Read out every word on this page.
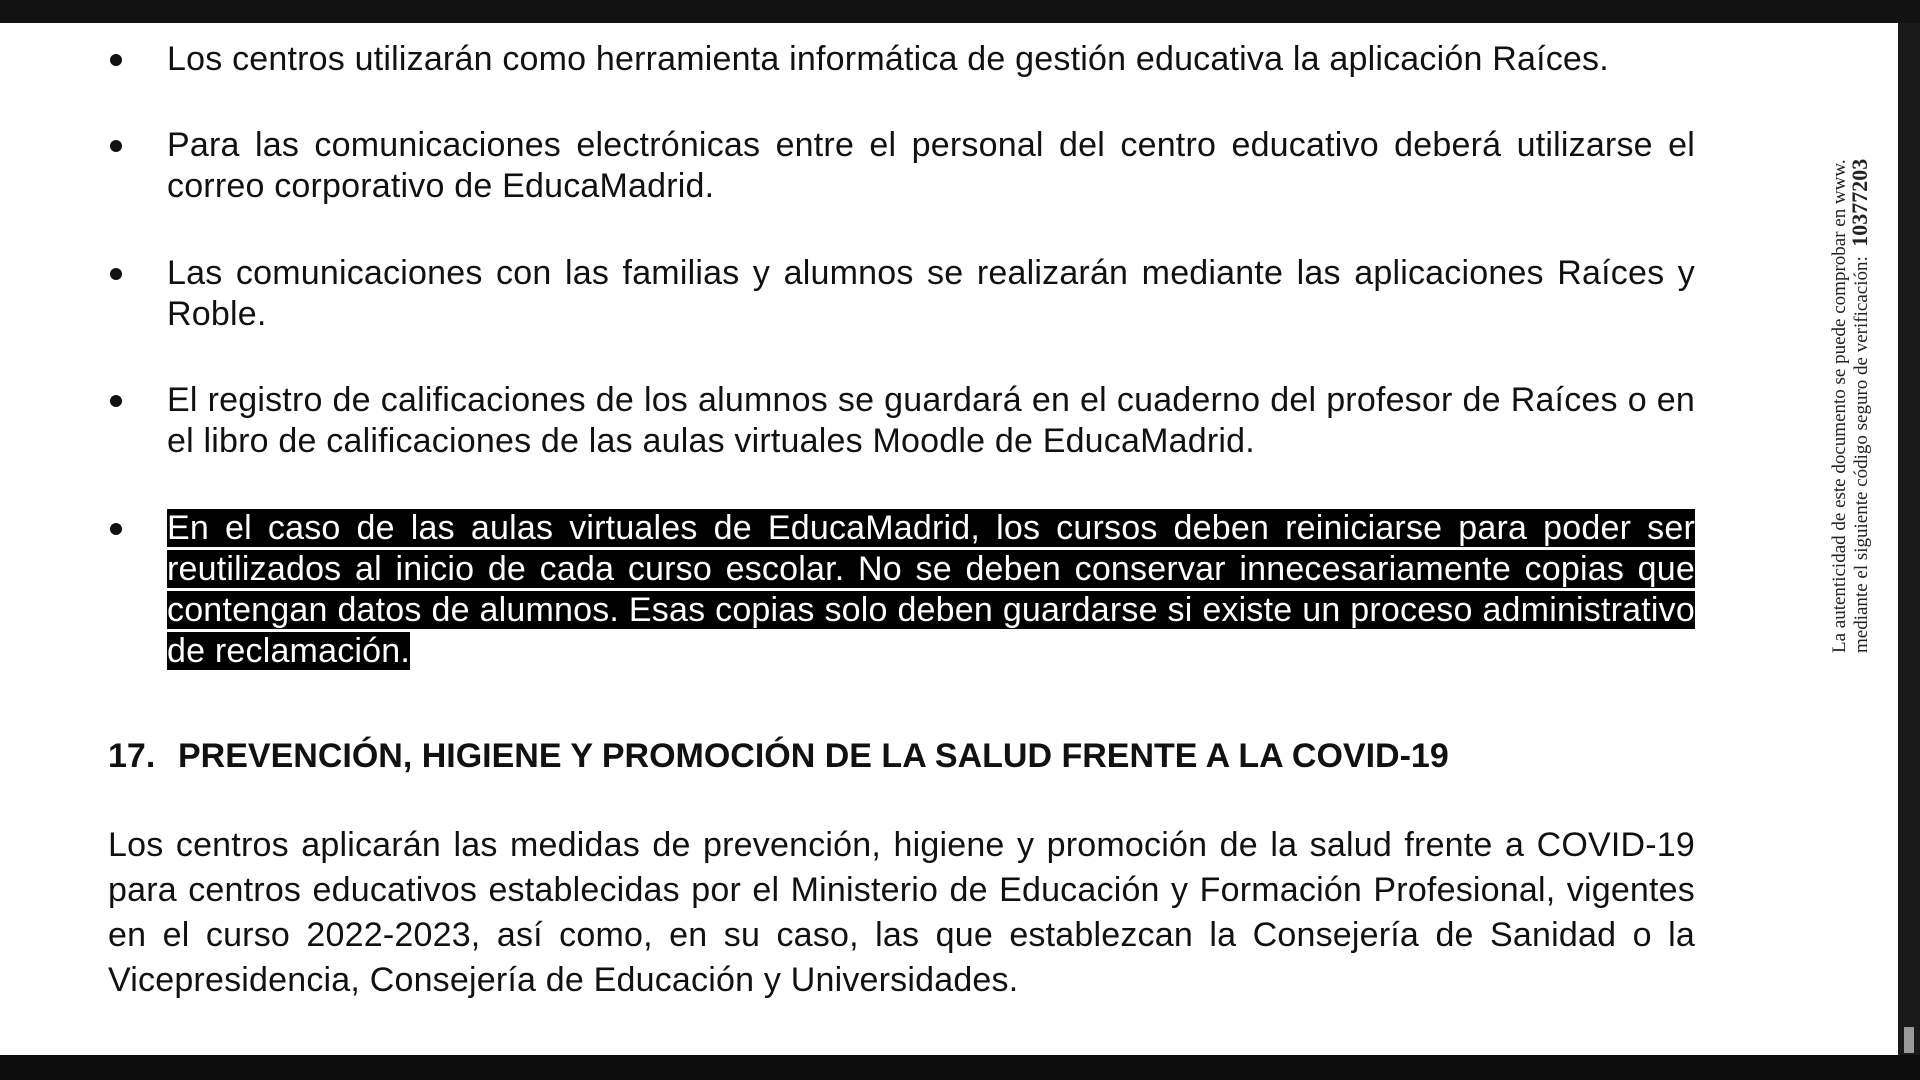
Los centros utilizarán como herramienta informática de gestión educativa la aplicación Raíces.
Para las comunicaciones electrónicas entre el personal del centro educativo deberá utilizarse el correo corporativo de EducaMadrid.
Las comunicaciones con las familias y alumnos se realizarán mediante las aplicaciones Raíces y Roble.
El registro de calificaciones de los alumnos se guardará en el cuaderno del profesor de Raíces o en el libro de calificaciones de las aulas virtuales Moodle de EducaMadrid.
En el caso de las aulas virtuales de EducaMadrid, los cursos deben reiniciarse para poder ser reutilizados al inicio de cada curso escolar. No se deben conservar innecesariamente copias que contengan datos de alumnos. Esas copias solo deben guardarse si existe un proceso administrativo de reclamación.
17. PREVENCIÓN, HIGIENE Y PROMOCIÓN DE LA SALUD FRENTE A LA COVID-19
Los centros aplicarán las medidas de prevención, higiene y promoción de la salud frente a COVID-19 para centros educativos establecidas por el Ministerio de Educación y Formación Profesional, vigentes en el curso 2022-2023, así como, en su caso, las que establezcan la Consejería de Sanidad o la Vicepresidencia, Consejería de Educación y Universidades.
La autenticidad de este documento se puede comprobar en www. mediante el siguiente código seguro de verificación:  10377203
